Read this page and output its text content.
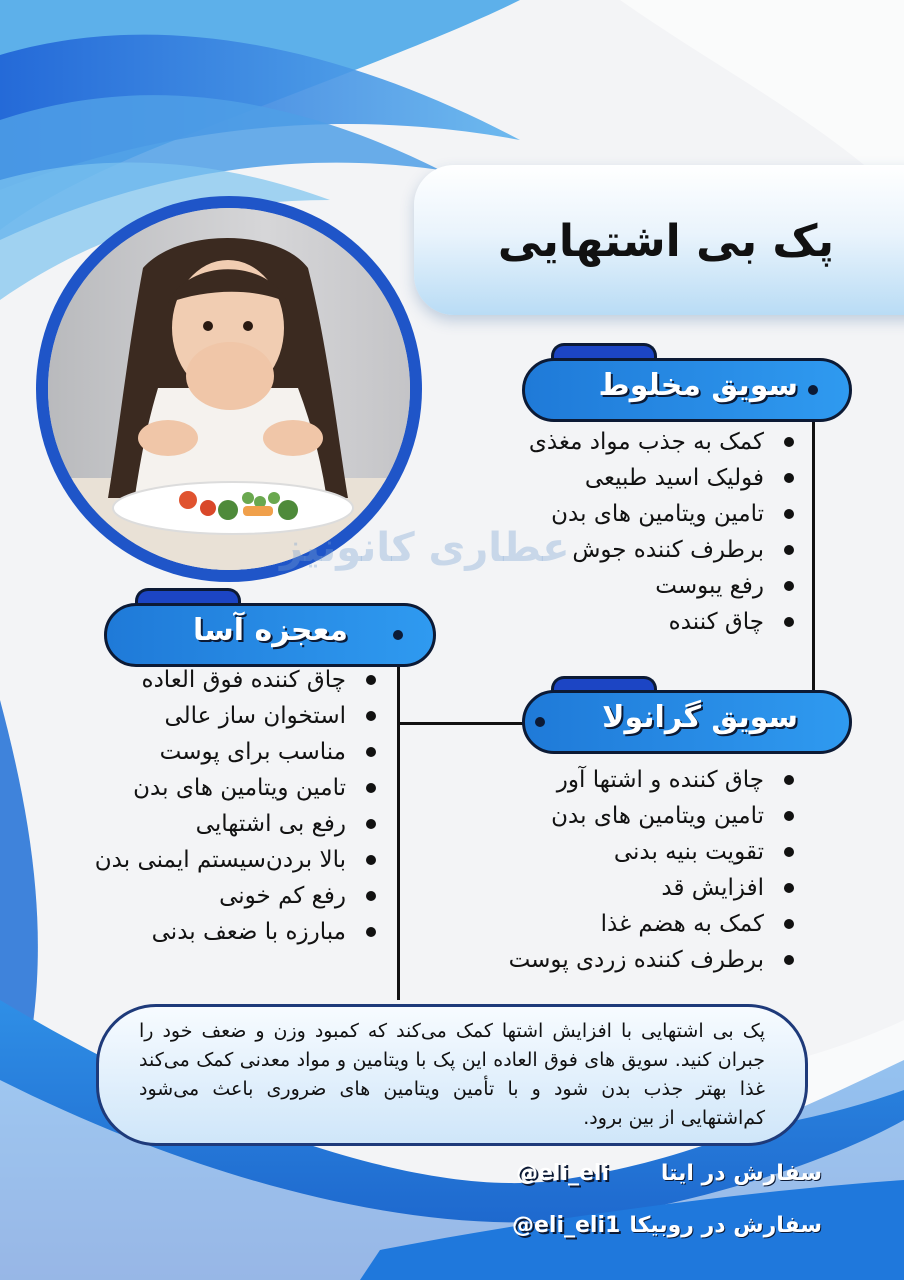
عطاری کانونیز
پک بی اشتهایی
سویق مخلوط
کمک به جذب مواد مغذی
فولیک اسید طبیعی
تامین ویتامین های بدن
برطرف کننده جوش
رفع یبوست
چاق کننده
معجزه آسا
چاق کننده فوق العاده
استخوان ساز عالی
مناسب برای پوست
تامین ویتامین های بدن
رفع بی اشتهایی
بالا بردن‌سیستم ایمنی بدن
رفع کم خونی
مبارزه با ضعف بدنی
سویق گرانولا
چاق کننده و اشتها آور
تامین ویتامین های بدن
تقویت بنیه بدنی
افزایش قد
کمک به هضم غذا
برطرف کننده زردی پوست

پک بی اشتهایی با افزایش اشتها کمک می‌کند که کمبود وزن و ضعف خود را جبران کنید. سویق های فوق العاده این پک با ویتامین و مواد معدنی کمک می‌کند غذا بهتر جذب بدن شود و با تأمین ویتامین های ضروری باعث می‌شود کم‌اشتهایی از بین برود.

سفارش در ایتا
@eli_eli
سفارش در روبیکا
@eli_eli1
